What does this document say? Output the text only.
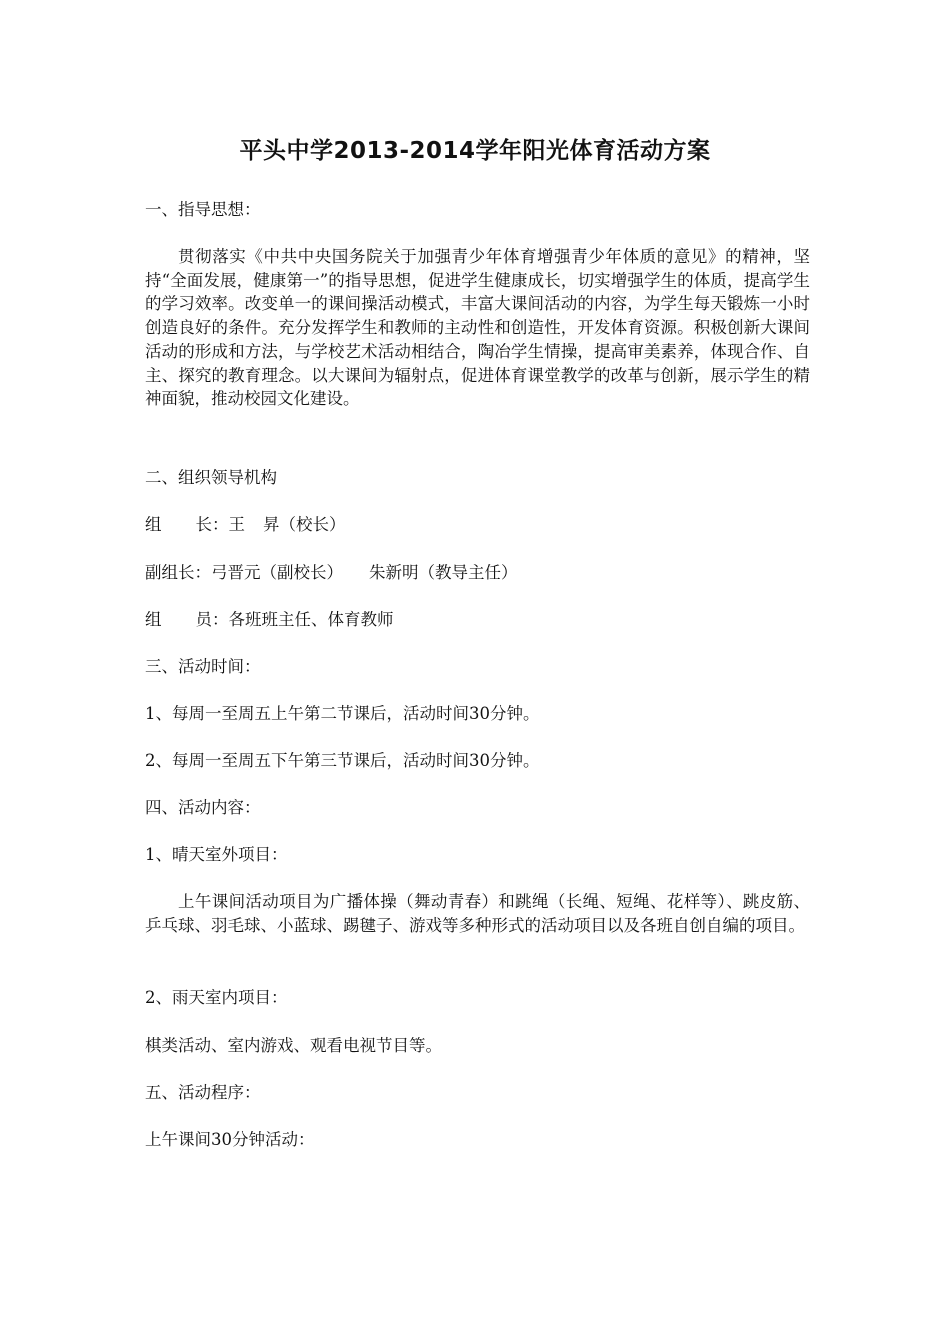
平头中学2013-2014学年阳光体育活动方案

一、指导思想：

贯彻落实《中共中央国务院关于加强青少年体育增强青少年体质的意见》的精神，坚持“全面发展，健康第一”的指导思想，促进学生健康成长，切实增强学生的体质，提高学生的学习效率。改变单一的课间操活动模式，丰富大课间活动的内容，为学生每天锻炼一小时创造良好的条件。充分发挥学生和教师的主动性和创造性，开发体育资源。积极创新大课间活动的形成和方法，与学校艺术活动相结合，陶冶学生情操，提高审美素养，体现合作、自主、探究的教育理念。以大课间为辐射点，促进体育课堂教学的改革与创新，展示学生的精神面貌，推动校园文化建设。

二、组织领导机构

组 长：王 昇（校长）

副组长：弓晋元（副校长） 朱新明（教导主任）

组 员：各班班主任、体育教师

三、活动时间：

1、每周一至周五上午第二节课后，活动时间30分钟。

2、每周一至周五下午第三节课后，活动时间30分钟。

四、活动内容：

1、晴天室外项目：

上午课间活动项目为广播体操（舞动青春）和跳绳（长绳、短绳、花样等）、跳皮筋、乒乓球、羽毛球、小蓝球、踢毽子、游戏等多种形式的活动项目以及各班自创自编的项目。

2、雨天室内项目：

棋类活动、室内游戏、观看电视节目等。

五、活动程序：

上午课间30分钟活动：
